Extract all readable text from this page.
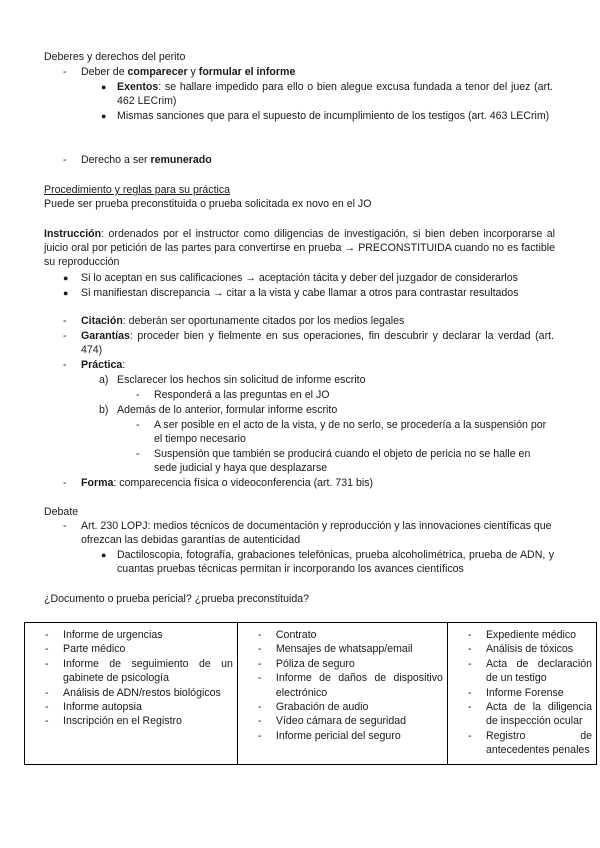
Deberes y derechos del perito
- Deber de comparecer y formular el informe
● Exentos: se hallare impedido para ello o bien alegue excusa fundada a tenor del juez (art. 462 LECrim)
● Mismas sanciones que para el supuesto de incumplimiento de los testigos (art. 463 LECrim)
- Derecho a ser remunerado
Procedimiento y reglas para su práctica
Puede ser prueba preconstituida o prueba solicitada ex novo en el JO
Instrucción: ordenados por el instructor como diligencias de investigación, si bien deben incorporarse al juicio oral por petición de las partes para convertirse en prueba → PRECONSTITUIDA cuando no es factible su reproducción
● Si lo aceptan en sus calificaciones → aceptación tácita y deber del juzgador de considerarlos
● Si manifiestan discrepancia → citar a la vista y cabe llamar a otros para contrastar resultados
- Citación: deberán ser oportunamente citados por los medios legales
- Garantías: proceder bien y fielmente en sus operaciones, fin descubrir y declarar la verdad (art. 474)
- Práctica:
a) Esclarecer los hechos sin solicitud de informe escrito
- Responderá a las preguntas en el JO
b) Además de lo anterior, formular informe escrito
- A ser posible en el acto de la vista, y de no serlo, se procedería a la suspensión por el tiempo necesario
- Suspensión que también se producirá cuando el objeto de pericia no se halle en sede judicial y haya que desplazarse
- Forma: comparecencia física o videoconferencia (art. 731 bis)
Debate
- Art. 230 LOPJ: medios técnicos de documentación y reproducción y las innovaciones científicas que ofrezcan las debidas garantías de autenticidad
● Dactiloscopia, fotografía, grabaciones telefónicas, prueba alcoholimétrica, prueba de ADN, y cuantas pruebas técnicas permitan ir incorporando los avances científicos
¿Documento o prueba pericial? ¿prueba preconstituida?
- Informe de urgencias
- Parte médico
- Informe de seguimiento de un gabinete de psicología
- Análisis de ADN/restos biológicos
- Informe autopsia
- Inscripción en el Registro

- Contrato
- Mensajes de whatsapp/email
- Póliza de seguro
- Informe de daños de dispositivo electrónico
- Grabación de audio
- Vídeo cámara de seguridad
- Informe pericial del seguro

- Expediente médico
- Análisis de tóxicos
- Acta de declaración de un testigo
- Informe Forense
- Acta de la diligencia de inspección ocular
- Registro de antecedentes penales
